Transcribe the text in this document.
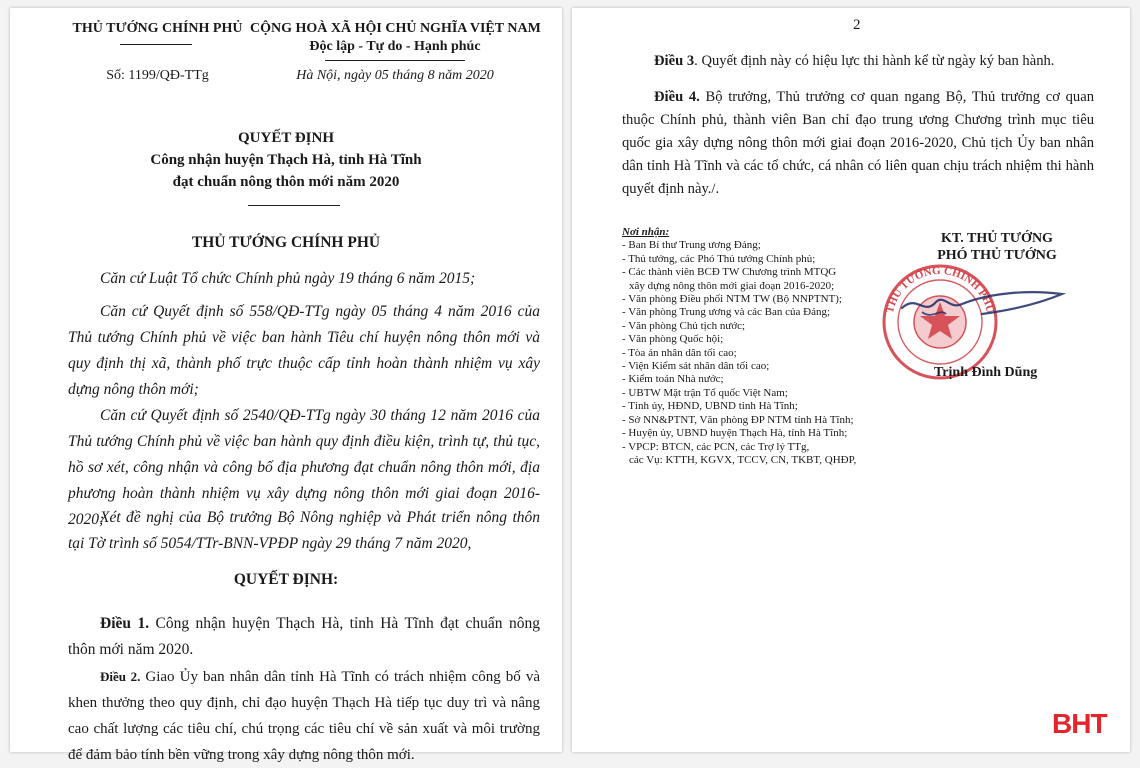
THỦ TƯỚNG CHÍNH PHỦ CỘNG HOÀ XÃ HỘI CHỦ NGHĨA VIỆT NAM
Độc lập - Tự do - Hạnh phúc
Số: 1199/QĐ-TTg	Hà Nội, ngày 05 tháng 8 năm 2020
QUYẾT ĐỊNH
Công nhận huyện Thạch Hà, tỉnh Hà Tĩnh
đạt chuẩn nông thôn mới năm 2020
THỦ TƯỚNG CHÍNH PHỦ
Căn cứ Luật Tổ chức Chính phủ ngày 19 tháng 6 năm 2015;
Căn cứ Quyết định số 558/QĐ-TTg ngày 05 tháng 4 năm 2016 của Thủ tướng Chính phủ về việc ban hành Tiêu chí huyện nông thôn mới và quy định thị xã, thành phố trực thuộc cấp tỉnh hoàn thành nhiệm vụ xây dựng nông thôn mới;
Căn cứ Quyết định số 2540/QĐ-TTg ngày 30 tháng 12 năm 2016 của Thủ tướng Chính phủ về việc ban hành quy định điều kiện, trình tự, thủ tục, hồ sơ xét, công nhận và công bố địa phương đạt chuẩn nông thôn mới, địa phương hoàn thành nhiệm vụ xây dựng nông thôn mới giai đoạn 2016-2020;
Xét đề nghị của Bộ trưởng Bộ Nông nghiệp và Phát triển nông thôn tại Tờ trình số 5054/TTr-BNN-VPĐP ngày 29 tháng 7 năm 2020,
QUYẾT ĐỊNH:
Điều 1. Công nhận huyện Thạch Hà, tỉnh Hà Tĩnh đạt chuẩn nông thôn mới năm 2020.
Điều 2. Giao Ủy ban nhân dân tỉnh Hà Tĩnh có trách nhiệm công bố và khen thưởng theo quy định, chỉ đạo huyện Thạch Hà tiếp tục duy trì và nâng cao chất lượng các tiêu chí, chú trọng các tiêu chí về sản xuất và môi trường để đảm bảo tính bền vững trong xây dựng nông thôn mới.
2
Điều 3. Quyết định này có hiệu lực thi hành kể từ ngày ký ban hành.
Điều 4. Bộ trưởng, Thủ trưởng cơ quan ngang Bộ, Thủ trưởng cơ quan thuộc Chính phủ, thành viên Ban chỉ đạo trung ương Chương trình mục tiêu quốc gia xây dựng nông thôn mới giai đoạn 2016-2020, Chủ tịch Ủy ban nhân dân tỉnh Hà Tĩnh và các tổ chức, cá nhân có liên quan chịu trách nhiệm thi hành quyết định này./.
Nơi nhận:
- Ban Bí thư Trung ương Đảng;
- Thủ tướng, các Phó Thủ tướng Chính phủ;
- Các thành viên BCĐ TW Chương trình MTQG
xây dựng nông thôn mới giai đoạn 2016-2020;
- Văn phòng Điều phối NTM TW (Bộ NNPTNT);
- Văn phòng Trung ương và các Ban của Đảng;
- Văn phòng Chủ tịch nước;
- Văn phòng Quốc hội;
- Tòa án nhân dân tối cao;
- Viện Kiểm sát nhân dân tối cao;
- Kiểm toán Nhà nước;
- UBTW Mặt trận Tổ quốc Việt Nam;
- Tỉnh ủy, HĐND, UBND tỉnh Hà Tĩnh;
- Sở NN&PTNT, Văn phòng ĐP NTM tỉnh Hà Tĩnh;
- Huyện ủy, UBND huyện Thạch Hà, tỉnh Hà Tĩnh;
- VPCP: BTCN, các PCN, các Trợ lý TTg,
các Vụ: KTTH, KGVX, TCCV, CN, TKBT, QHĐP,
KT. THỦ TƯỚNG
PHÓ THỦ TƯỚNG
THỦ TƯỚNG CHÍNH PHỦ
Trịnh Đình Dũng
BHT
